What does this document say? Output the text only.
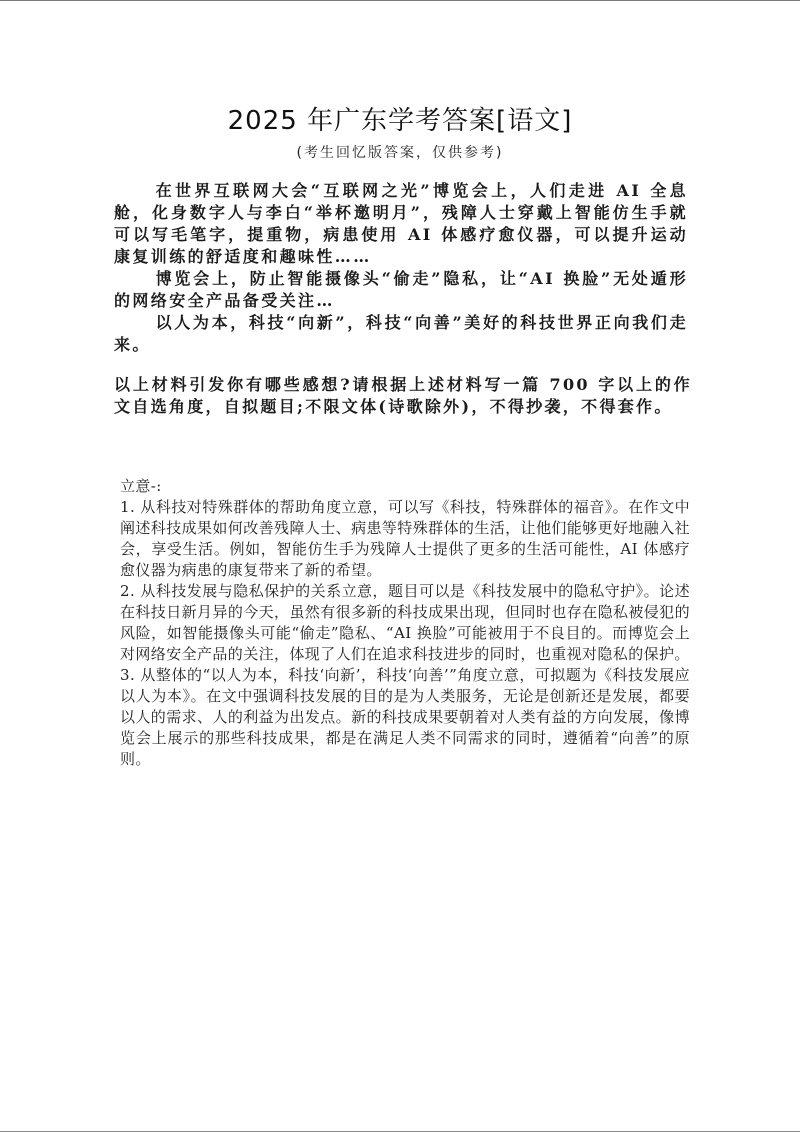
2025 年广东学考答案[语文]
(考生回忆版答案，仅供参考)

在世界互联网大会“互联网之光”博览会上，人们走进 AI 全息舱，化身数字人与李白“举杯邀明月”，残障人士穿戴上智能仿生手就可以写毛笔字，提重物，病患使用 AI 体感疗愈仪器，可以提升运动康复训练的舒适度和趣味性……

博览会上，防止智能摄像头“偷走”隐私，让“AI 换脸”无处遁形的网络安全产品备受关注…

以人为本，科技“向新”，科技“向善”美好的科技世界正向我们走来。

以上材料引发你有哪些感想?请根据上述材料写一篇 700 字以上的作文自选角度，自拟题目;不限文体(诗歌除外)，不得抄袭，不得套作。

立意-:

1. 从科技对特殊群体的帮助角度立意，可以写《科技，特殊群体的福音》。在作文中阐述科技成果如何改善残障人士、病患等特殊群体的生活，让他们能够更好地融入社会，享受生活。例如，智能仿生手为残障人士提供了更多的生活可能性，AI 体感疗愈仪器为病患的康复带来了新的希望。

2. 从科技发展与隐私保护的关系立意，题目可以是《科技发展中的隐私守护》。论述在科技日新月异的今天，虽然有很多新的科技成果出现，但同时也存在隐私被侵犯的风险，如智能摄像头可能“偷走”隐私、“AI 换脸”可能被用于不良目的。而博览会上对网络安全产品的关注，体现了人们在追求科技进步的同时，也重视对隐私的保护。

3. 从整体的“以人为本，科技‘向新’，科技‘向善’”角度立意，可拟题为《科技发展应以人为本》。在文中强调科技发展的目的是为人类服务，无论是创新还是发展，都要以人的需求、人的利益为出发点。新的科技成果要朝着对人类有益的方向发展，像博览会上展示的那些科技成果，都是在满足人类不同需求的同时，遵循着“向善”的原则。
